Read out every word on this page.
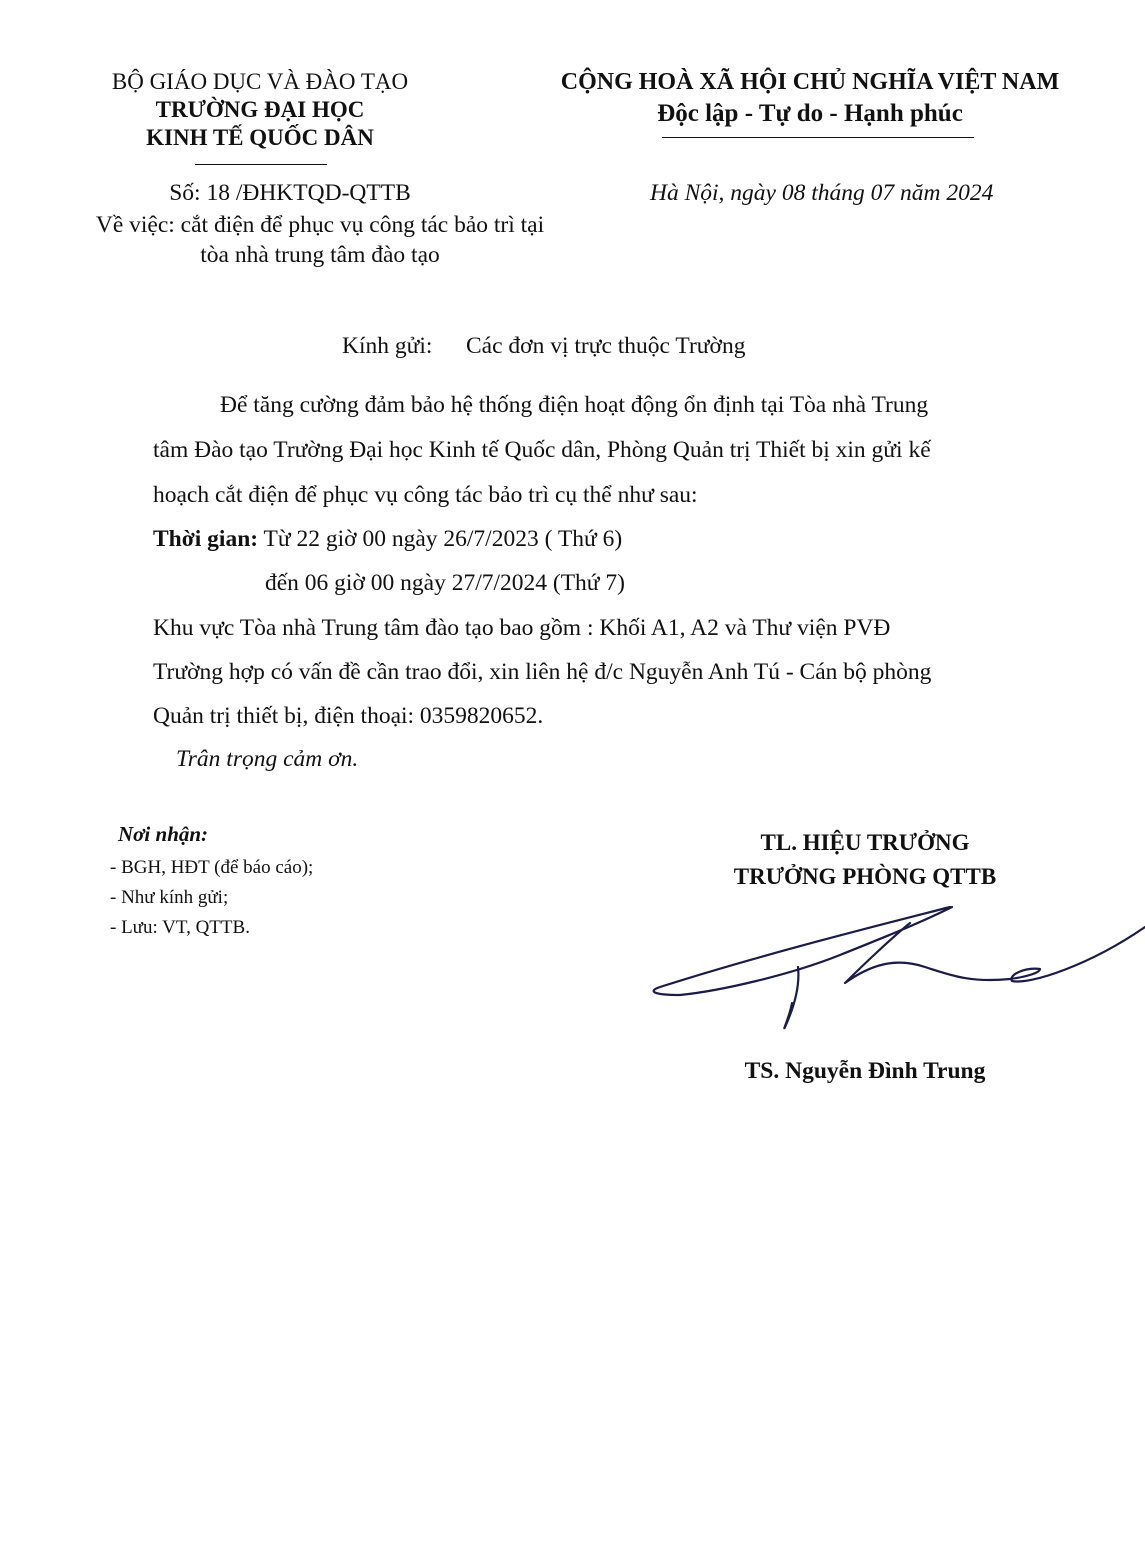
BỘ GIÁO DỤC VÀ ĐÀO TẠO
TRƯỜNG ĐẠI HỌC
KINH TẾ QUỐC DÂN
CỘNG HOÀ XÃ HỘI CHỦ NGHĨA VIỆT NAM
Độc lập - Tự do - Hạnh phúc
Số: 18 /ĐHKTQD-QTTB
Về việc: cắt điện để phục vụ công tác bảo trì tại
tòa nhà trung tâm đào tạo
Hà Nội, ngày 08 tháng 07 năm 2024
Kính gửi: Các đơn vị trực thuộc Trường
Để tăng cường đảm bảo hệ thống điện hoạt động ổn định tại Tòa nhà Trung
tâm Đào tạo Trường Đại học Kinh tế Quốc dân, Phòng Quản trị Thiết bị xin gửi kế
hoạch cắt điện để phục vụ công tác bảo trì cụ thể như sau:
Thời gian: Từ 22 giờ 00 ngày 26/7/2023 ( Thứ 6)
đến 06 giờ 00 ngày 27/7/2024 (Thứ 7)
Khu vực Tòa nhà Trung tâm đào tạo bao gồm : Khối A1, A2 và Thư viện PVĐ
Trường hợp có vấn đề cần trao đổi, xin liên hệ đ/c Nguyễn Anh Tú - Cán bộ phòng
Quản trị thiết bị, điện thoại: 0359820652.
Trân trọng cảm ơn.
Nơi nhận:
- BGH, HĐT (để báo cáo);
- Như kính gửi;
- Lưu: VT, QTTB.
TL. HIỆU TRƯỞNG
TRƯỞNG PHÒNG QTTB
TS. Nguyễn Đình Trung
